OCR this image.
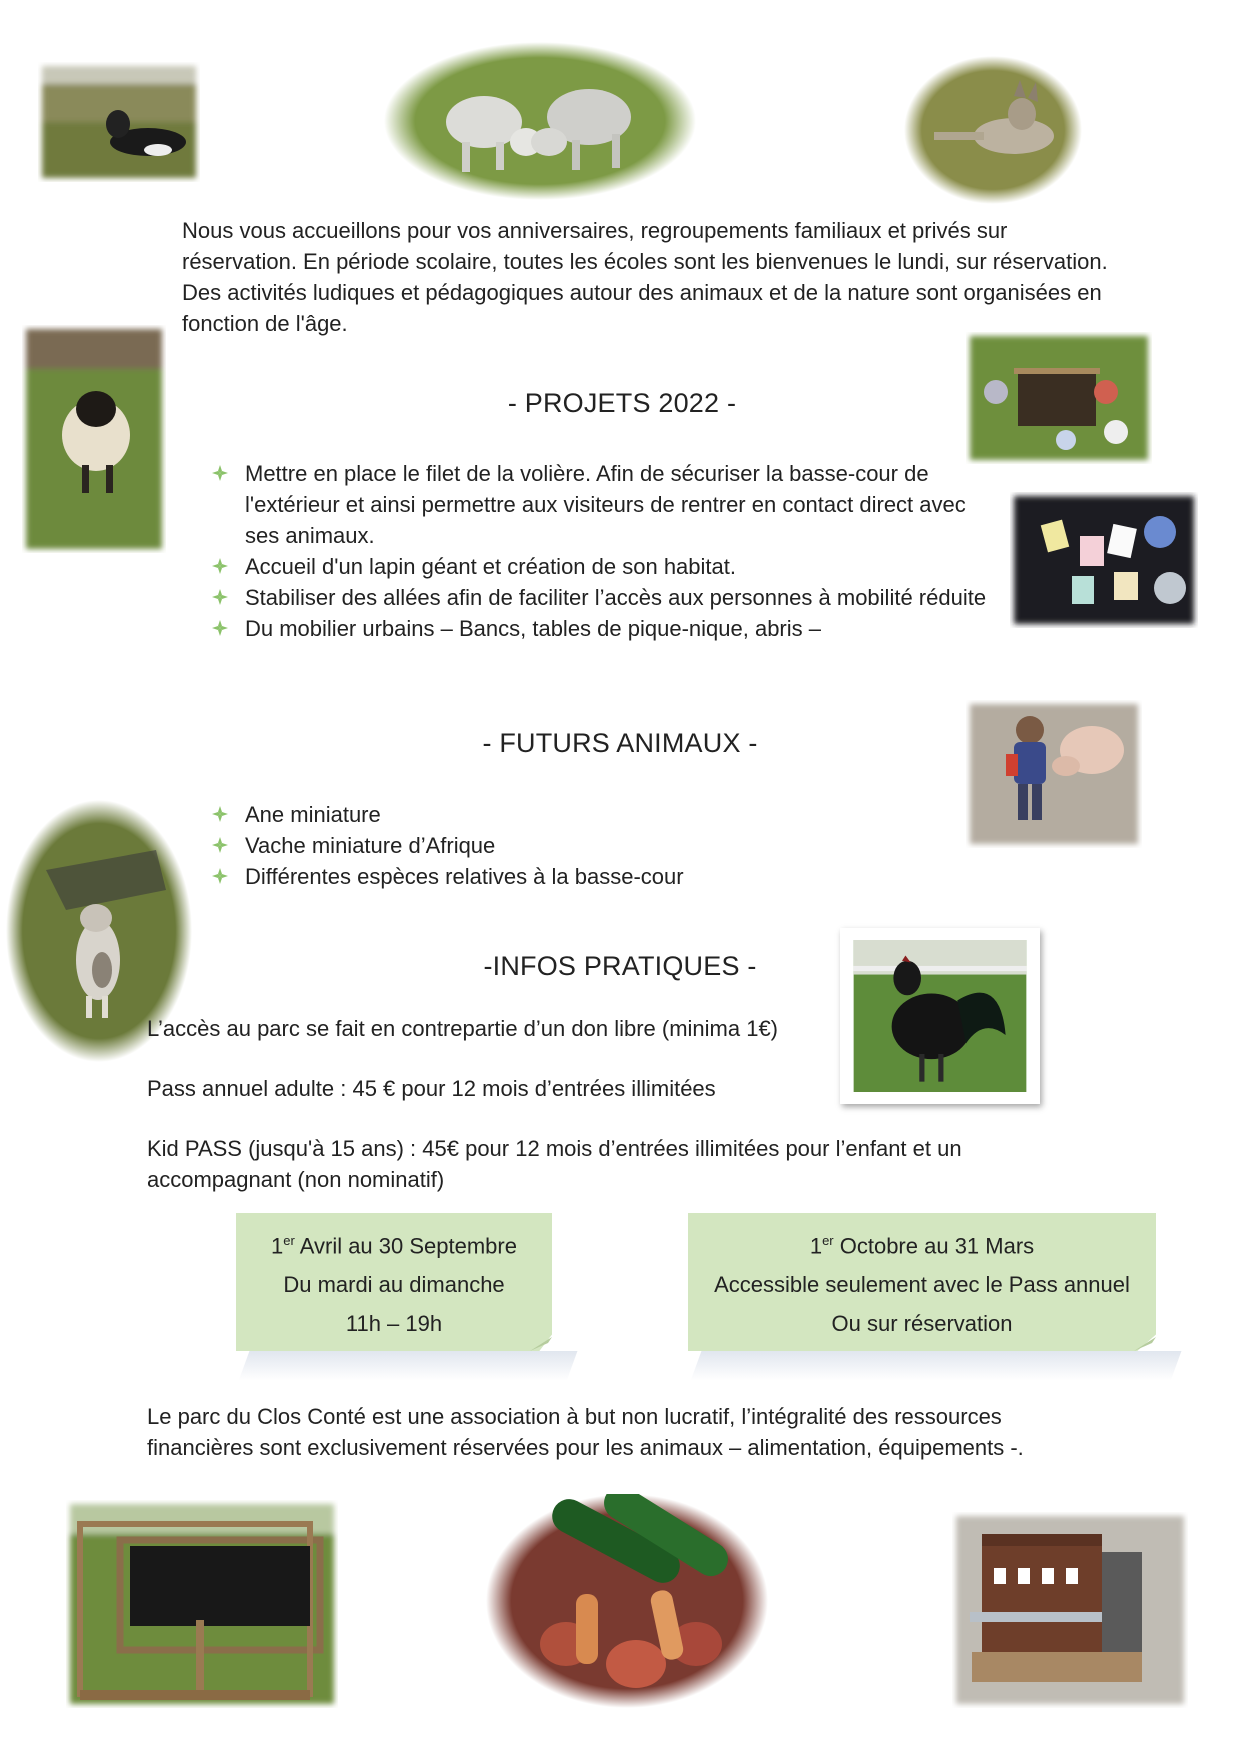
Nous vous accueillons pour vos anniversaires, regroupements familiaux et privés sur réservation. En période scolaire, toutes les écoles sont les bienvenues le lundi, sur réservation. Des activités ludiques et pédagogiques autour des animaux et de la nature sont organisées en fonction de l'âge.
- PROJETS 2022 -
Mettre en place le filet de la volière. Afin de sécuriser la basse-cour de l'extérieur et ainsi permettre aux visiteurs de rentrer en contact direct avec ses animaux.
Accueil d'un lapin géant et création de son habitat.
Stabiliser des allées afin de faciliter l’accès aux personnes à mobilité réduite
Du mobilier urbains – Bancs, tables de pique-nique, abris –
- FUTURS ANIMAUX -
Ane miniature
Vache miniature d’Afrique
Différentes espèces relatives à la basse-cour
-INFOS PRATIQUES -
L’accès au parc se fait en contrepartie d’un don libre (minima 1€)
Pass annuel adulte : 45 € pour 12 mois d’entrées illimitées
Kid PASS (jusqu'à 15 ans) : 45€ pour 12 mois d’entrées illimitées pour l’enfant et un accompagnant (non nominatif)
1er Avril au 30 Septembre
Du mardi au dimanche
11h – 19h
1er Octobre au 31 Mars
Accessible seulement avec le Pass annuel
Ou sur réservation
Le parc du Clos Conté est une association à but non lucratif, l’intégralité des ressources financières sont exclusivement réservées pour les animaux – alimentation, équipements -.
